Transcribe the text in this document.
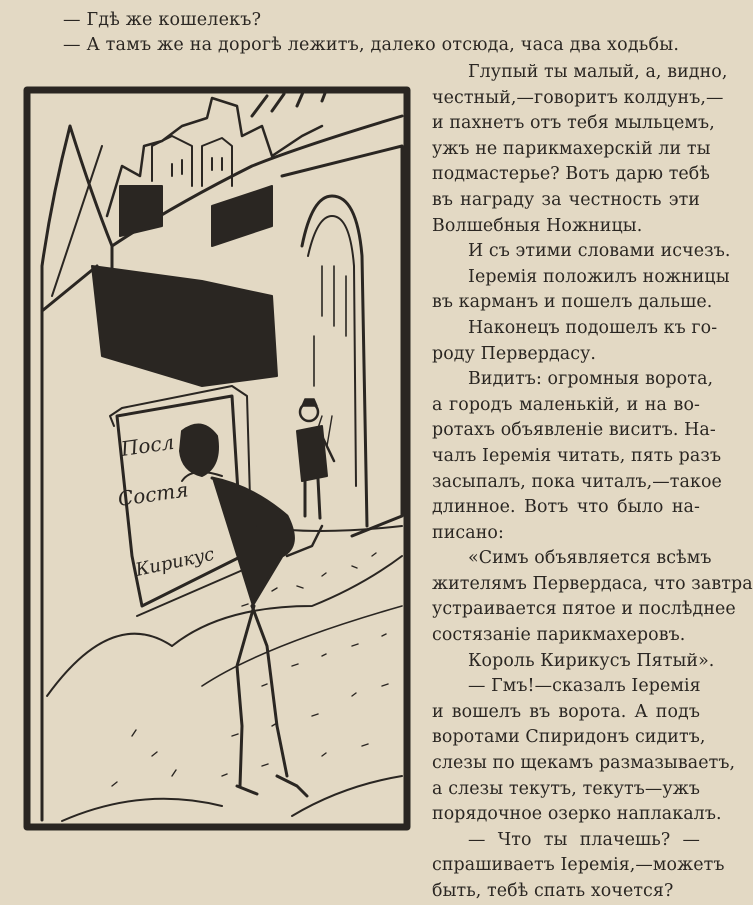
— Гдѣ же кошелекъ?
— А тамъ же на дорогѣ лежитъ, далеко отсюда, часа два ходьбы.
Посл
Состя
Кирикус
Глупый ты малый, а, видно,
честный,—говоритъ колдунъ,—
и пахнетъ отъ тебя мыльцемъ,
ужъ не парикмахерскій ли ты
подмастерье? Вотъ дарю тебѣ
въ награду за честность эти
Волшебныя Ножницы.
И съ этими словами исчезъ.
Іеремія положилъ ножницы
въ карманъ и пошелъ дальше.
Наконецъ подошелъ къ го-
роду Первердасу.
Видитъ: огромныя ворота,
а городъ маленькій, и на во-
ротахъ объявленіе виситъ. На-
чалъ Іеремія читать, пять разъ
засыпалъ, пока читалъ,—такое
длинное. Вотъ что было на-
писано:
«Симъ объявляется всѣмъ
жителямъ Первердаса, что завтра
устраивается пятое и послѣднее
состязаніе парикмахеровъ.
Король Кирикусъ Пятый».
— Гмъ!—сказалъ Іеремія
и вошелъ въ ворота. А подъ
воротами Спиридонъ сидитъ,
слезы по щекамъ размазываетъ,
а слезы текутъ, текутъ—ужъ
порядочное озерко наплакалъ.
— Что ты плачешь? —
спрашиваетъ Іеремія,—можетъ
быть, тебѣ спать хочется?
